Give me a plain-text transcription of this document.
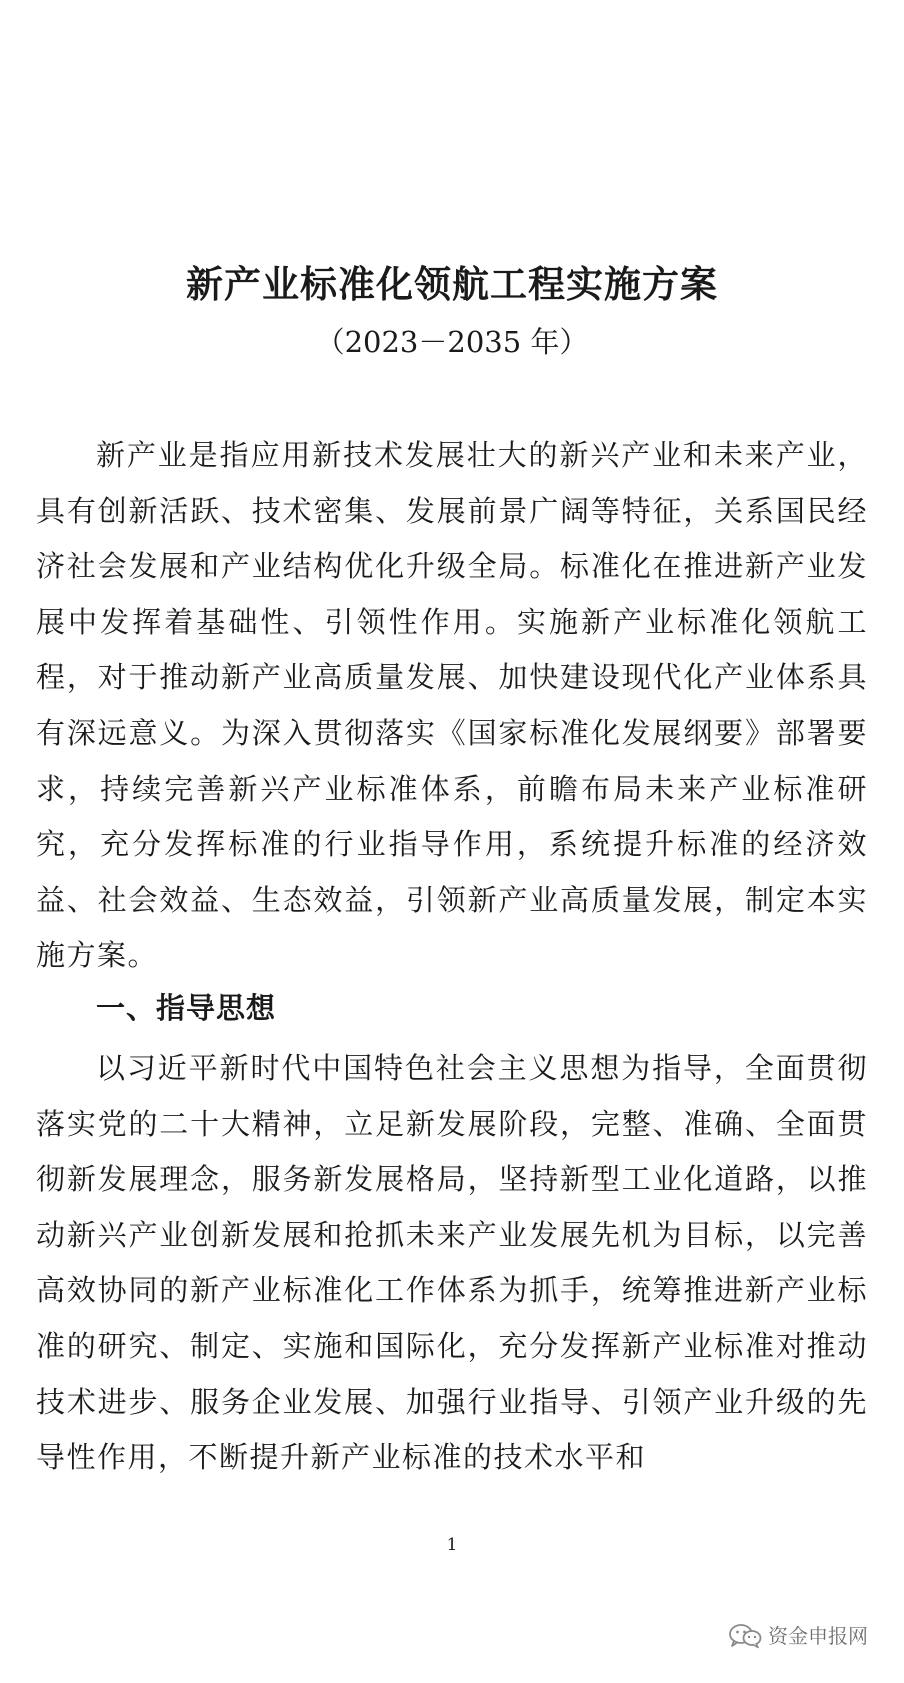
新产业标准化领航工程实施方案
（2023－2035 年）

新产业是指应用新技术发展壮大的新兴产业和未来产业，具有创新活跃、技术密集、发展前景广阔等特征，关系国民经济社会发展和产业结构优化升级全局。标准化在推进新产业发展中发挥着基础性、引领性作用。实施新产业标准化领航工程，对于推动新产业高质量发展、加快建设现代化产业体系具有深远意义。为深入贯彻落实《国家标准化发展纲要》部署要求，持续完善新兴产业标准体系，前瞻布局未来产业标准研究，充分发挥标准的行业指导作用，系统提升标准的经济效益、社会效益、生态效益，引领新产业高质量发展，制定本实施方案。

一、指导思想

以习近平新时代中国特色社会主义思想为指导，全面贯彻落实党的二十大精神，立足新发展阶段，完整、准确、全面贯彻新发展理念，服务新发展格局，坚持新型工业化道路，以推动新兴产业创新发展和抢抓未来产业发展先机为目标，以完善高效协同的新产业标准化工作体系为抓手，统筹推进新产业标准的研究、制定、实施和国际化，充分发挥新产业标准对推动技术进步、服务企业发展、加强行业指导、引领产业升级的先导性作用，不断提升新产业标准的技术水平和

1
资金申报网
